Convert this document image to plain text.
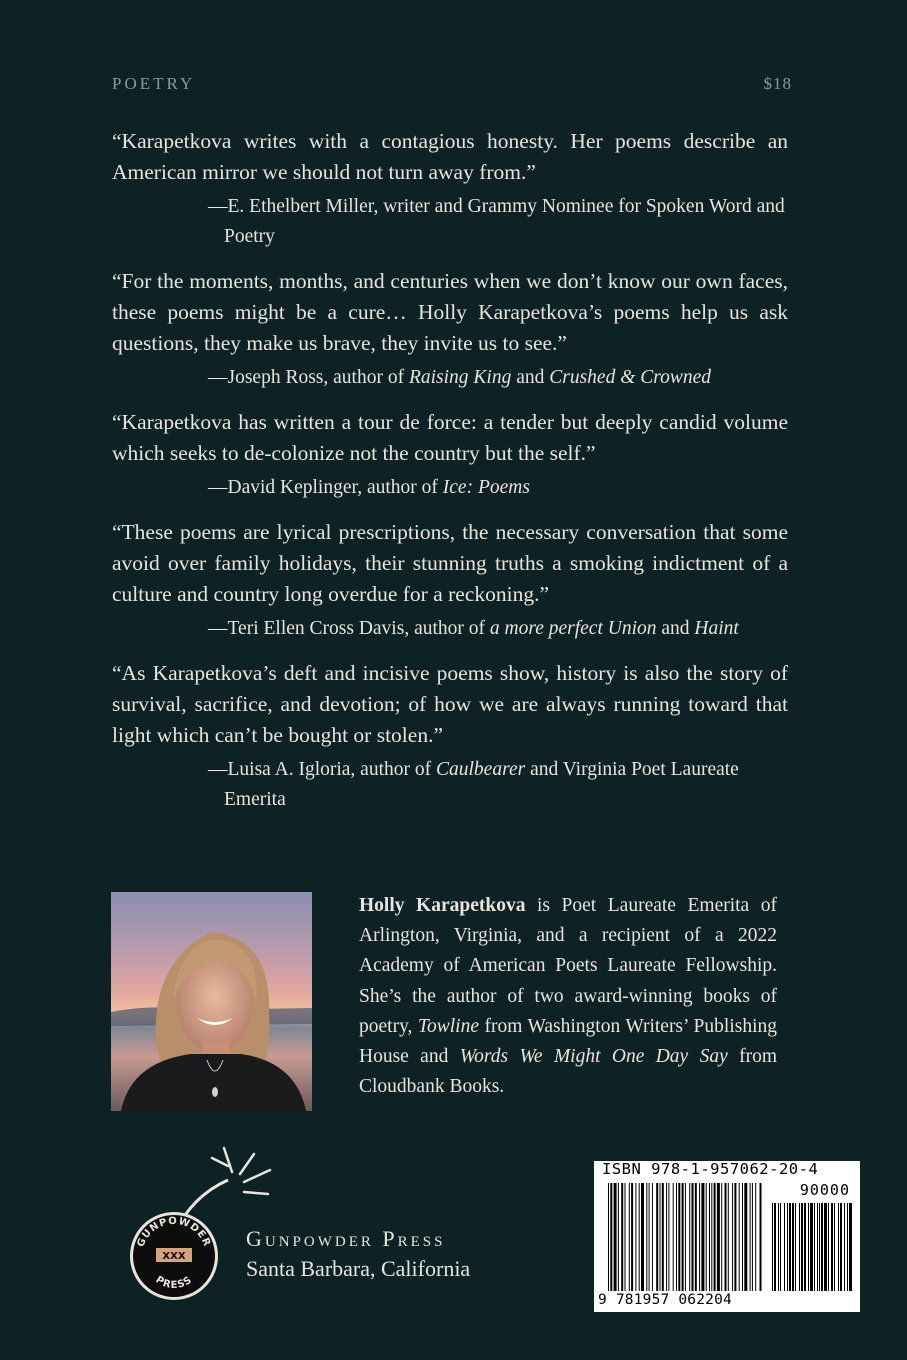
POETRY	$18

“Karapetkova writes with a contagious honesty. Her poems describe an American mirror we should not turn away from.”

—E. Ethelbert Miller, writer and Grammy Nominee for Spoken Word and Poetry

“For the moments, months, and centuries when we don’t know our own faces, these poems might be a cure… Holly Karapetkova’s poems help us ask questions, they make us brave, they invite us to see.”

—Joseph Ross, author of Raising King and Crushed & Crowned

“Karapetkova has written a tour de force: a tender but deeply candid volume which seeks to de-colonize not the country but the self.”

—David Keplinger, author of Ice: Poems

“These poems are lyrical prescriptions, the necessary conversation that some avoid over family holidays, their stunning truths a smoking indictment of a culture and country long overdue for a reckoning.”

—Teri Ellen Cross Davis, author of a more perfect Union and Haint

“As Karapetkova’s deft and incisive poems show, history is also the story of survival, sacrifice, and devotion; of how we are always running toward that light which can’t be bought or stolen.”

—Luisa A. Igloria, author of Caulbearer and Virginia Poet Laureate Emerita

Holly Karapetkova is Poet Laureate Emerita of Arlington, Virginia, and a recipient of a 2022 Academy of American Poets Laureate Fellowship. She’s the author of two award-winning books of poetry, Towline from Washington Writers’ Publishing House and Words We Might One Day Say from Cloudbank Books.
GUNPOWDER
PRESS
XXX
Gunpowder Press
Santa Barbara, California
ISBN 978-1-957062-20-4
90000
9 781957 062204
